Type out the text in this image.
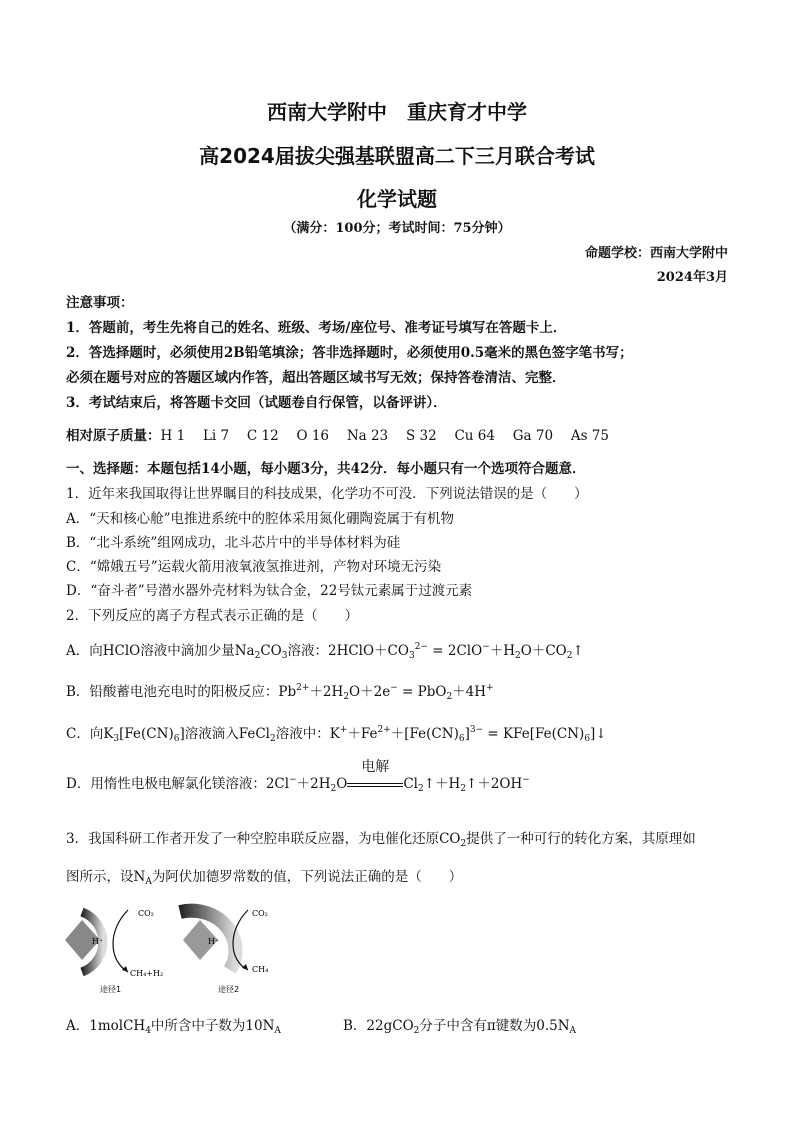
西南大学附中　重庆育才中学
高2024届拔尖强基联盟高二下三月联合考试
化学试题
（满分：100分；考试时间：75分钟）
命题学校：西南大学附中
2024年3月
注意事项：
1．答题前，考生先将自己的姓名、班级、考场/座位号、准考证号填写在答题卡上．
2．答选择题时，必须使用2B铅笔填涂；答非选择题时，必须使用0.5毫米的黑色签字笔书写；
必须在题号对应的答题区域内作答，超出答题区域书写无效；保持答卷清洁、完整．
3．考试结束后，将答题卡交回（试题卷自行保管，以备评讲）．
相对原子质量：H 1　 Li 7　 C 12　 O 16　 Na 23　 S 32　 Cu 64　 Ga 70　 As 75
一、选择题：本题包括14小题，每小题3分，共42分．每小题只有一个选项符合题意．
1．近年来我国取得让世界瞩目的科技成果，化学功不可没．下列说法错误的是（　　）
A．“天和核心舱”电推进系统中的腔体采用氮化硼陶瓷属于有机物
B．“北斗系统”组网成功，北斗芯片中的半导体材料为硅
C．“嫦娥五号”运载火箭用液氧液氢推进剂，产物对环境无污染
D．“奋斗者”号潜水器外壳材料为钛合金，22号钛元素属于过渡元素
2．下列反应的离子方程式表示正确的是（　　）
A．向HClO溶液中滴加少量$Na_2CO_3$溶液：$2HClO+CO_3^{2-}$ = $2ClO^-+H_2O+CO_2↑$
B．铅酸蓄电池充电时的阳极反应：$Pb^{2+}+2H_2O+2e^- = PbO_2+4H^+$
C．向$K_3[Fe(CN)_6]$溶液滴入FeCl$_2$溶液中：$K^++Fe^{2+}+[Fe(CN)_6]^{3-}$ = $KFe[Fe(CN)_6]↓$
D．用惰性电极电解氯化镁溶液：$2Cl^-+2H_2O$
电解
$Cl_2↑+H_2↑+2OH^-$
3．我国科研工作者开发了一种空腔串联反应器，为电催化还原$CO_2$提供了一种可行的转化方案，其原理如
图所示，设$N_A$为阿伏加德罗常数的值，下列说法正确的是（　　）
H⁺
CO₂
CH₄+H₂
途径1
H⁺
CO₂
CH₄
途径2
A．1molCH$_4$中所含中子数为$10N_A$	B．22gCO$_2$分子中含有π键数为$0.5N_A$
